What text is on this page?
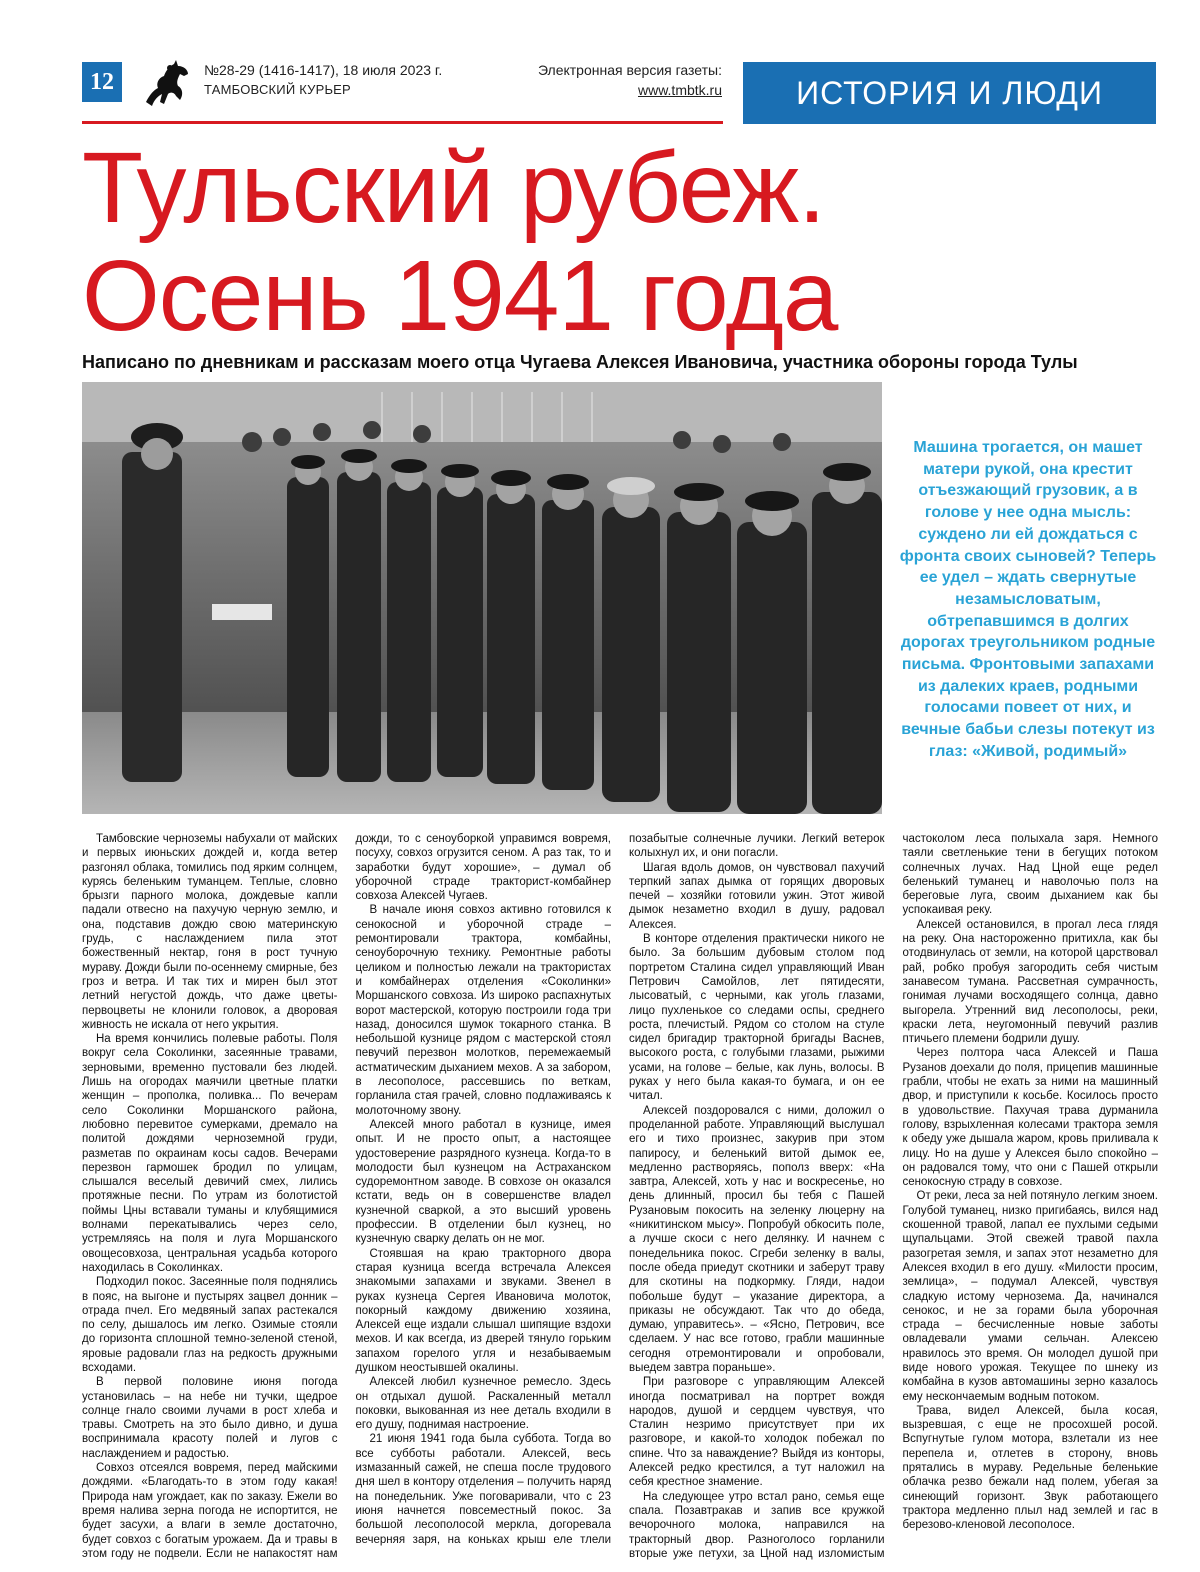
12	№28-29 (1416-1417), 18 июля 2023 г.
ТАМБОВСКИЙ КУРЬЕР
Электронная версия газеты:
www.tmbtk.ru ИСТОРИЯ И ЛЮДИ
Тульский рубеж.
Осень 1941 года
Написано по дневникам и рассказам моего отца Чугаева Алексея Ивановича, участника обороны города Тулы
Машина трогается, он машет матери рукой, она крестит отъезжающий грузовик, а в голове у нее одна мысль: суждено ли ей дождаться с фронта своих сыновей? Теперь ее удел – ждать свернутые незамысловатым, обтрепавшимся в долгих дорогах треугольником родные письма. Фронтовыми запахами из далеких краев, родными голосами повеет от них, и вечные бабьи слезы потекут из глаз: «Живой, родимый»

Тамбовские черноземы набухали от майских и первых июньских дождей и, когда ветер разгонял облака, томились под ярким солнцем, курясь беленьким туманцем. Теплые, словно брызги парного молока, дождевые капли падали отвесно на пахучую черную землю, и она, подставив дождю свою материнскую грудь, с наслаждением пила этот божественный нектар, гоня в рост тучную мураву. Дожди были по-осеннему смирные, без гроз и ветра. И так тих и мирен был этот летний негустой дождь, что даже цветы-первоцветы не клонили головок, а дворовая живность не искала от него укрытия.

На время кончились полевые работы. Поля вокруг села Соколинки, засеянные травами, зерновыми, временно пустовали без людей. Лишь на огородах маячили цветные платки женщин – прополка, поливка... По вечерам село Соколинки Моршанского района, любовно перевитое сумерками, дремало на политой дождями черноземной груди, разметав по окраинам косы садов. Вечерами перезвон гармошек бродил по улицам, слышался веселый девичий смех, лились протяжные песни. По утрам из болотистой поймы Цны вставали туманы и клубящимися волнами перекатывались через село, устремляясь на поля и луга Моршанского овощесовхоза, центральная усадьба которого находилась в Соколинках.

Подходил покос. Засеянные поля поднялись в пояс, на выгоне и пустырях зацвел донник – отрада пчел. Его медвяный запах растекался по селу, дышалось им легко. Озимые стояли до горизонта сплошной темно-зеленой стеной, яровые радовали глаз на редкость дружными всходами.

В первой половине июня погода установилась – на небе ни тучки, щедрое солнце гнало своими лучами в рост хлеба и травы. Смотреть на это было дивно, и душа воспринимала красоту полей и лугов с наслаждением и радостью.

Совхоз отсеялся вовремя, перед майскими дождями. «Благодать-то в этом году какая! Природа нам угождает, как по заказу. Ежели во время налива зерна погода не испортится, не будет засухи, а влаги в земле достаточно, будет совхоз с богатым урожаем. Да и травы в этом году не подвели. Если не напакостят нам дожди, то с сеноуборкой управимся вовремя, посуху, совхоз огрузится сеном. А раз так, то и заработки будут хорошие», – думал об уборочной страде тракторист-комбайнер совхоза Алексей Чугаев.

В начале июня совхоз активно готовился к сенокосной и уборочной страде – ремонтировали трактора, комбайны, сеноуборочную технику. Ремонтные работы целиком и полностью лежали на трактористах и комбайнерах отделения «Соколинки» Моршанского совхоза. Из широко распахнутых ворот мастерской, которую построили года три назад, доносился шумок токарного станка. В небольшой кузнице рядом с мастерской стоял певучий перезвон молотков, перемежаемый астматическим дыханием мехов. А за забором, в лесополосе, рассевшись по веткам, горланила стая грачей, словно подлаживаясь к молоточному звону.

Алексей много работал в кузнице, имея опыт. И не просто опыт, а настоящее удостоверение разрядного кузнеца. Когда-то в молодости был кузнецом на Астраханском судоремонтном заводе. В совхозе он оказался кстати, ведь он в совершенстве владел кузнечной сваркой, а это высший уровень профессии. В отделении был кузнец, но кузнечную сварку делать он не мог.

Стоявшая на краю тракторного двора старая кузница всегда встречала Алексея знакомыми запахами и звуками. Звенел в руках кузнеца Сергея Ивановича молоток, покорный каждому движению хозяина, Алексей еще издали слышал шипящие вздохи мехов. И как всегда, из дверей тянуло горьким запахом горелого угля и незабываемым душком неостывшей окалины.

Алексей любил кузнечное ремесло. Здесь он отдыхал душой. Раскаленный металл поковки, выкованная из нее деталь входили в его душу, поднимая настроение.

21 июня 1941 года была суббота. Тогда во все субботы работали. Алексей, весь измазанный сажей, не спеша после трудового дня шел в контору отделения – получить наряд на понедельник. Уже поговаривали, что с 23 июня начнется повсеместный покос. За большой лесополосой меркла, догоревала вечерняя заря, на коньках крыш еле тлели позабытые солнечные лучики. Легкий ветерок колыхнул их, и они погасли.

Шагая вдоль домов, он чувствовал пахучий терпкий запах дымка от горящих дворовых печей – хозяйки готовили ужин. Этот живой дымок незаметно входил в душу, радовал Алексея.

В конторе отделения практически никого не было. За большим дубовым столом под портретом Сталина сидел управляющий Иван Петрович Самойлов, лет пятидесяти, лысоватый, с черными, как уголь глазами, лицо пухленькое со следами оспы, среднего роста, плечистый. Рядом со столом на стуле сидел бригадир тракторной бригады Васнев, высокого роста, с голубыми глазами, рыжими усами, на голове – белые, как лунь, волосы. В руках у него была какая-то бумага, и он ее читал.

Алексей поздоровался с ними, доложил о проделанной работе. Управляющий выслушал его и тихо произнес, закурив при этом папиросу, и беленький витой дымок ее, медленно растворяясь, пополз вверх: «На завтра, Алексей, хоть у нас и воскресенье, но день длинный, просил бы тебя с Пашей Рузановым покосить на зеленку люцерну на «никитинском мысу». Попробуй обкосить поле, а лучше скоси с него делянку. И начнем с понедельника покос. Сгреби зеленку в валы, после обеда приедут скотники и заберут траву для скотины на подкормку. Гляди, надои побольше будут – указание директора, а приказы не обсуждают. Так что до обеда, думаю, управитесь». – «Ясно, Петрович, все сделаем. У нас все готово, грабли машинные сегодня отремонтировали и опробовали, выедем завтра пораньше».

При разговоре с управляющим Алексей иногда посматривал на портрет вождя народов, душой и сердцем чувствуя, что Сталин незримо присутствует при их разговоре, и какой-то холодок побежал по спине. Что за наваждение? Выйдя из конторы, Алексей редко крестился, а тут наложил на себя крестное знамение.

На следующее утро встал рано, семья еще спала. Позавтракав и запив все кружкой вечорочного молока, направился на тракторный двор. Разноголосо горланили вторые уже петухи, за Цной над изломистым частоколом леса полыхала заря. Немного таяли светленькие тени в бегущих потоком солнечных лучах. Над Цной еще редел беленький туманец и наволочью полз на береговые луга, своим дыханием как бы успокаивая реку.

Алексей остановился, в прогал леса глядя на реку. Она настороженно притихла, как бы отодвинулась от земли, на которой царствовал рай, робко пробуя загородить себя чистым занавесом тумана. Рассветная сумрачность, гонимая лучами восходящего солнца, давно выгорела. Утренний вид лесополосы, реки, краски лета, неугомонный певучий разлив птичьего племени бодрили душу.

Через полтора часа Алексей и Паша Рузанов доехали до поля, прицепив машинные грабли, чтобы не ехать за ними на машинный двор, и приступили к косьбе. Косилось просто в удовольствие. Пахучая трава дурманила голову, взрыхленная колесами трактора земля к обеду уже дышала жаром, кровь приливала к лицу. Но на душе у Алексея было спокойно – он радовался тому, что они с Пашей открыли сенокосную страду в совхозе.

От реки, леса за ней потянуло легким зноем. Голубой туманец, низко пригибаясь, вился над скошенной травой, лапал ее пухлыми седыми щупальцами. Этой свежей травой пахла разогретая земля, и запах этот незаметно для Алексея входил в его душу. «Милости просим, землица», – подумал Алексей, чувствуя сладкую истому чернозема. Да, начинался сенокос, и не за горами была уборочная страда – бесчисленные новые заботы овладевали умами сельчан. Алексею нравилось это время. Он молодел душой при виде нового урожая. Текущее по шнеку из комбайна в кузов автомашины зерно казалось ему нескончаемым водным потоком.

Трава, видел Алексей, была косая, вызревшая, с еще не просохшей росой. Вспугнутые гулом мотора, взлетали из нее перепела и, отлетев в сторону, вновь прятались в мураву. Редельные беленькие облачка резво бежали над полем, убегая за синеющий горизонт. Звук работающего трактора медленно плыл над землей и гас в березово-кленовой лесополосе.
